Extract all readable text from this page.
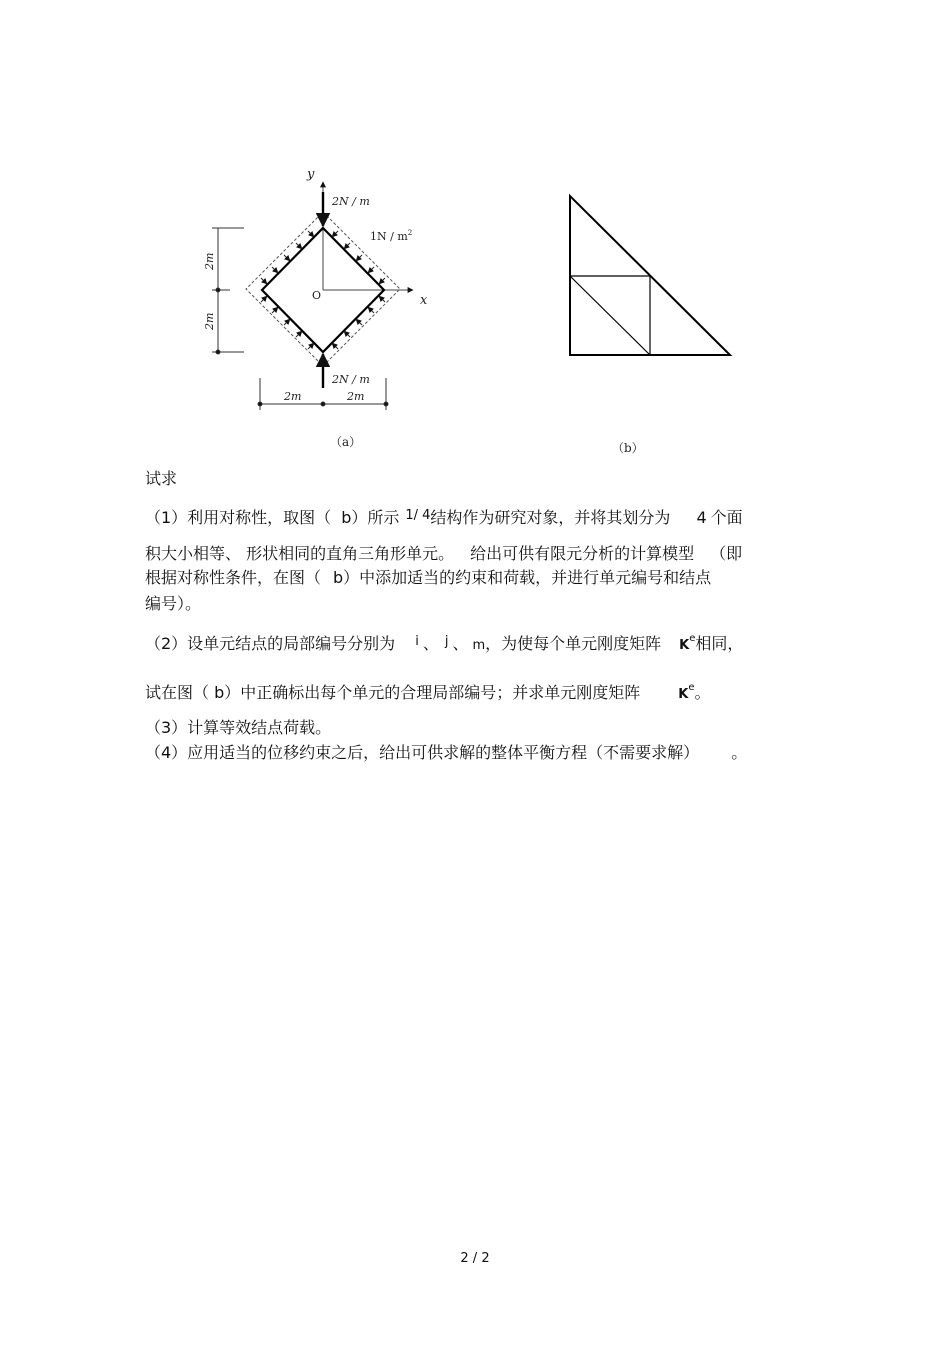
y
x
O
2N / m
2N / m
$1N / m^2$
2m
2m
2m	2m
（a）	（b）
试求
（1）利用对称性，取图（ b）所示 $^{1/ 4}$结构作为研究对象，并将其划分为 4 个面
积大小相等、 形状相同的直角三角形单元。 给出可供有限元分析的计算模型 （即
根据对称性条件，在图（ b）中添加适当的约束和荷载，并进行单元编号和结点
编号）。
（2）设单元结点的局部编号分别为 $^i$ 、 $^j$ 、 m，为使每个单元刚度矩阵 $K^e$相同，
试在图（ b）中正确标出每个单元的合理局部编号；并求单元刚度矩阵	$K^e$。
（3）计算等效结点荷载。
（4）应用适当的位移约束之后，给出可供求解的整体平衡方程（不需要求解）	。
2 / 2
